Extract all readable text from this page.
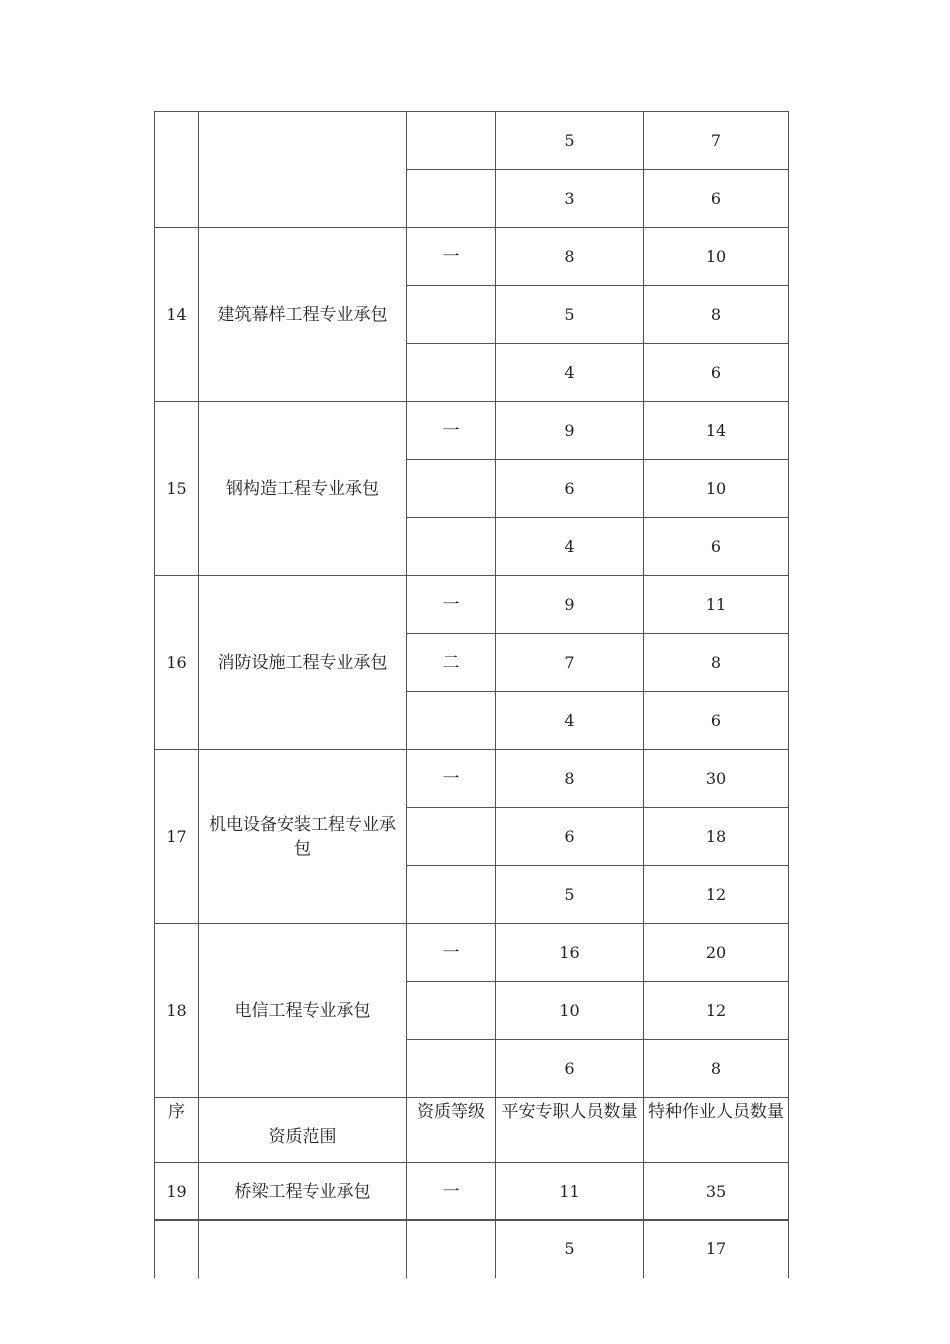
			5	7
			3	6
14	建筑幕样工程专业承包	一	8	10
			5	8
			4	6
15	钢构造工程专业承包	一	9	14
			6	10
			4	6
16	消防设施工程专业承包	一	9	11
		二	7	8
			4	6
17	机电设备安装工程专业承包	一	8	30
			6	18
			5	12
18	电信工程专业承包	一	16	20
			10	12
			6	8
序	资质范围	资质等级	平安专职人员数量	特种作业人员数量
19	桥梁工程专业承包	一	11	35
			5	17
